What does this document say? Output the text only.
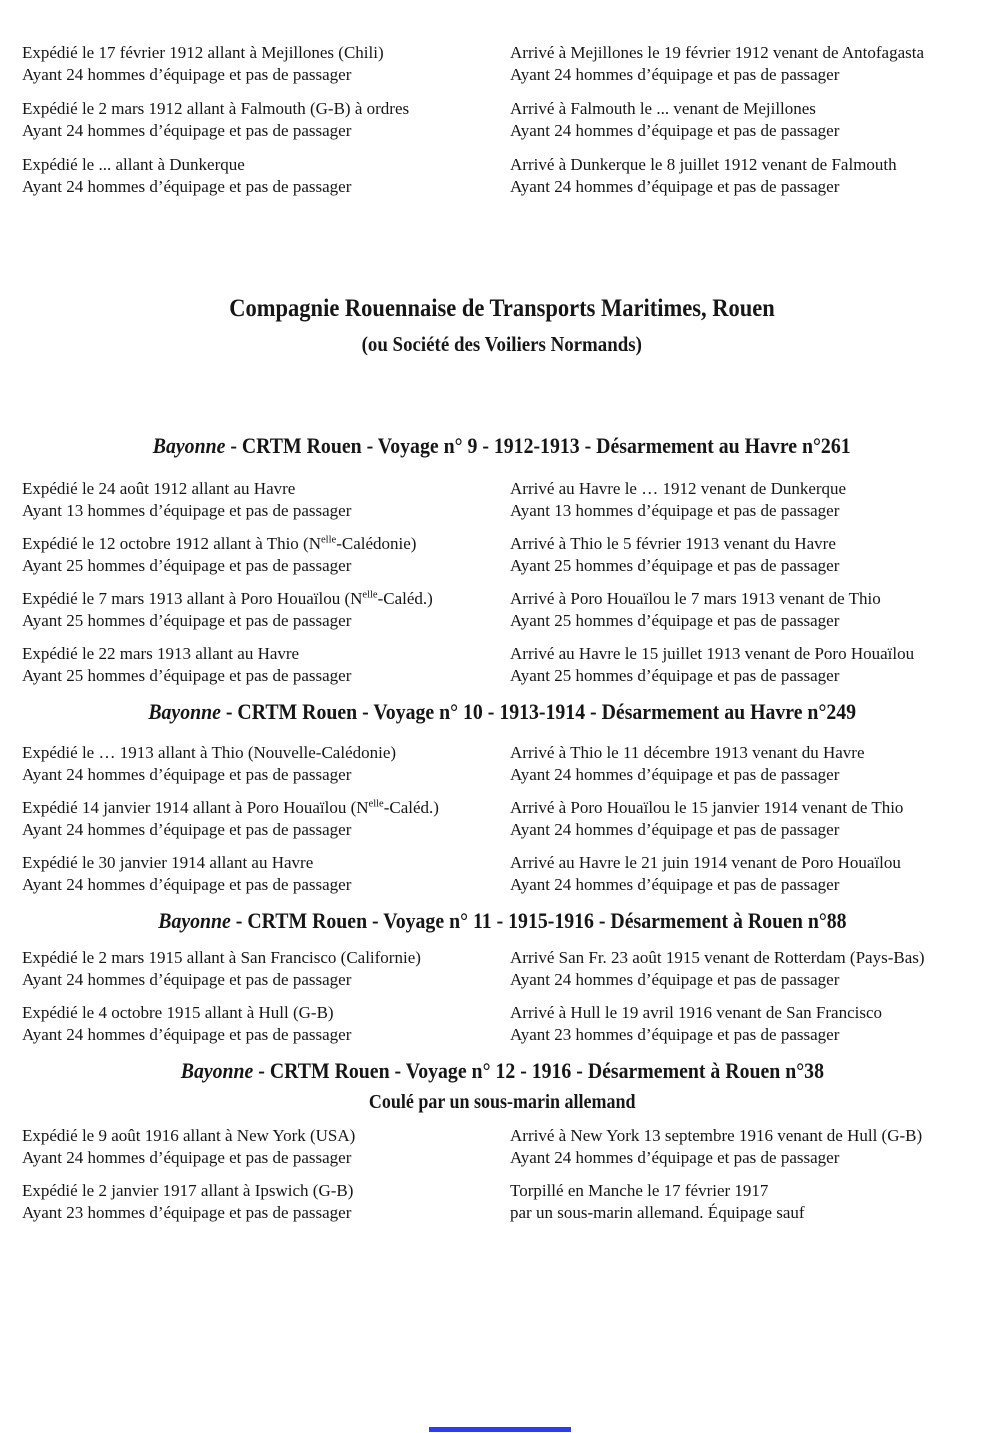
Expédié le 17 février 1912 allant à Mejillones (Chili)
Ayant 24 hommes d’équipage et pas de passager
Arrivé à Mejillones le 19 février 1912 venant de Antofagasta
Ayant 24 hommes d’équipage et pas de passager
Expédié le 2 mars 1912 allant à Falmouth (G-B) à ordres
Ayant 24 hommes d’équipage et pas de passager
Arrivé à Falmouth le ... venant de Mejillones
Ayant 24 hommes d’équipage et pas de passager
Expédié le ... allant à Dunkerque
Ayant 24 hommes d’équipage et pas de passager
Arrivé à Dunkerque le 8 juillet 1912 venant de Falmouth
Ayant 24 hommes d’équipage et pas de passager
Compagnie Rouennaise de Transports Maritimes, Rouen
(ou Société des Voiliers Normands)
Bayonne - CRTM Rouen - Voyage n° 9 - 1912-1913 - Désarmement au Havre n°261
Expédié le 24 août 1912 allant au Havre
Ayant 13 hommes d’équipage et pas de passager
Arrivé au Havre le … 1912 venant de Dunkerque
Ayant 13 hommes d’équipage et pas de passager
Expédié le 12 octobre 1912 allant à Thio $(N^{elle}-Calédonie)$
Ayant 25 hommes d’équipage et pas de passager
Arrivé à Thio le 5 février 1913 venant du Havre
Ayant 25 hommes d’équipage et pas de passager
Expédié le 7 mars 1913 allant à Poro Houaïlou $(N^{elle}-Caléd.)$
Ayant 25 hommes d’équipage et pas de passager
Arrivé à Poro Houaïlou le 7 mars 1913 venant de Thio
Ayant 25 hommes d’équipage et pas de passager
Expédié le 22 mars 1913 allant au Havre
Ayant 25 hommes d’équipage et pas de passager
Arrivé au Havre le 15 juillet 1913 venant de Poro Houaïlou
Ayant 25 hommes d’équipage et pas de passager
Bayonne - CRTM Rouen - Voyage n° 10 - 1913-1914 - Désarmement au Havre n°249
Expédié le … 1913 allant à Thio (Nouvelle-Calédonie)
Ayant 24 hommes d’équipage et pas de passager
Arrivé à Thio le 11 décembre 1913 venant du Havre
Ayant 24 hommes d’équipage et pas de passager
Expédié 14 janvier 1914 allant à Poro Houaïlou $(N^{elle}-Caléd.)$
Ayant 24 hommes d’équipage et pas de passager
Arrivé à Poro Houaïlou le 15 janvier 1914 venant de Thio
Ayant 24 hommes d’équipage et pas de passager
Expédié le 30 janvier 1914 allant au Havre
Ayant 24 hommes d’équipage et pas de passager
Arrivé au Havre le 21 juin 1914 venant de Poro Houaïlou
Ayant 24 hommes d’équipage et pas de passager
Bayonne - CRTM Rouen - Voyage n° 11 - 1915-1916 - Désarmement à Rouen n°88
Expédié le 2 mars 1915 allant à San Francisco (Californie)
Ayant 24 hommes d’équipage et pas de passager
Arrivé San Fr. 23 août 1915 venant de Rotterdam (Pays-Bas)
Ayant 24 hommes d’équipage et pas de passager
Expédié le 4 octobre 1915 allant à Hull (G-B)
Ayant 24 hommes d’équipage et pas de passager
Arrivé à Hull le 19 avril 1916 venant de San Francisco
Ayant 23 hommes d’équipage et pas de passager
Bayonne - CRTM Rouen - Voyage n° 12 - 1916 - Désarmement à Rouen n°38
Coulé par un sous-marin allemand
Expédié le 9 août 1916 allant à New York (USA)
Ayant 24 hommes d’équipage et pas de passager
Arrivé à New York 13 septembre 1916 venant de Hull (G-B)
Ayant 24 hommes d’équipage et pas de passager
Expédié le 2 janvier 1917 allant à Ipswich (G-B)
Ayant 23 hommes d’équipage et pas de passager
Torpillé en Manche le 17 février 1917
par un sous-marin allemand. Équipage sauf
